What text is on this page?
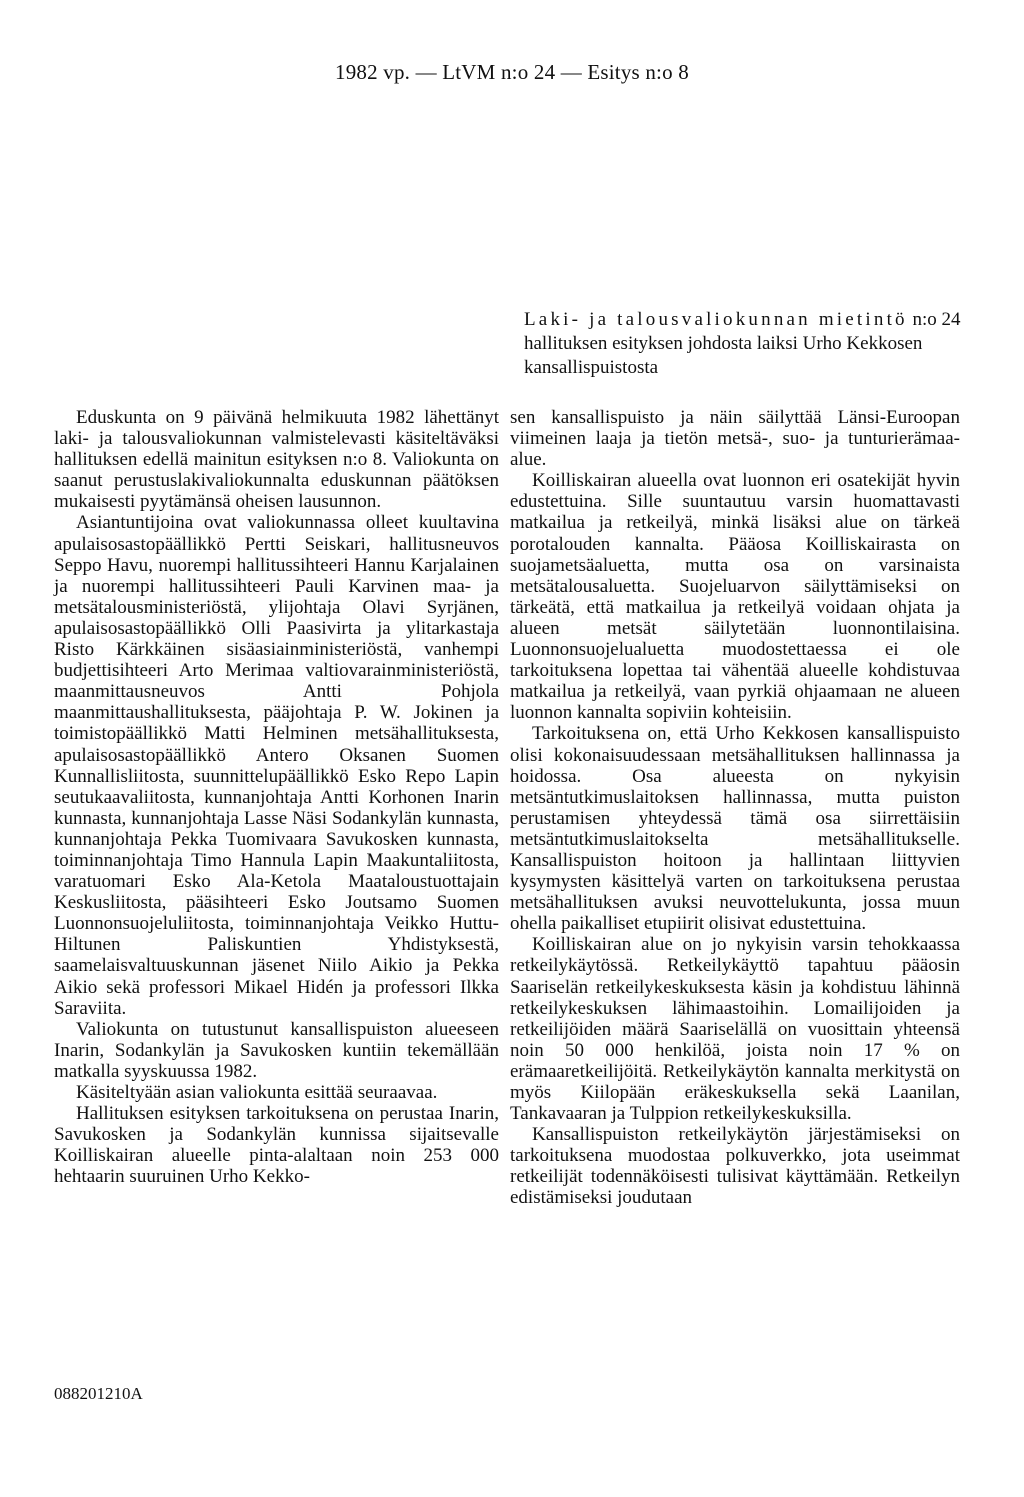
1982 vp. — LtVM n:o 24 — Esitys n:o 8
Laki- ja talousvaliokunnan mietintö n:o 24 hallituksen esityksen johdosta laiksi Urho Kekkosen kansallispuistosta

Eduskunta on 9 päivänä helmikuuta 1982 lähettänyt laki- ja talousvaliokunnan valmistelevasti käsiteltäväksi hallituksen edellä mainitun esityksen n:o 8. Valiokunta on saanut perustuslakivaliokunnalta eduskunnan päätöksen mukaisesti pyytämänsä oheisen lausunnon.

Asiantuntijoina ovat valiokunnassa olleet kuultavina apulaisosastopäällikkö Pertti Seiskari, hallitusneuvos Seppo Havu, nuorempi hallitussihteeri Hannu Karjalainen ja nuorempi hallitussihteeri Pauli Karvinen maa- ja metsätalousministeriöstä, ylijohtaja Olavi Syrjänen, apulaisosastopäällikkö Olli Paasivirta ja ylitarkastaja Risto Kärkkäinen sisäasiainministeriöstä, vanhempi budjettisihteeri Arto Merimaa valtiovarainministeriöstä, maanmittausneuvos Antti Pohjola maanmittaushallituksesta, pääjohtaja P. W. Jokinen ja toimistopäällikkö Matti Helminen metsähallituksesta, apulaisosastopäällikkö Antero Oksanen Suomen Kunnallisliitosta, suunnittelupäällikkö Esko Repo Lapin seutukaavaliitosta, kunnanjohtaja Antti Korhonen Inarin kunnasta, kunnanjohtaja Lasse Näsi Sodankylän kunnasta, kunnanjohtaja Pekka Tuomivaara Savukosken kunnasta, toiminnanjohtaja Timo Hannula Lapin Maakuntaliitosta, varatuomari Esko Ala-Ketola Maataloustuottajain Keskusliitosta, pääsihteeri Esko Joutsamo Suomen Luonnonsuojeluliitosta, toiminnanjohtaja Veikko Huttu-Hiltunen Paliskuntien Yhdistyksestä, saamelaisvaltuuskunnan jäsenet Niilo Aikio ja Pekka Aikio sekä professori Mikael Hidén ja professori Ilkka Saraviita.

Valiokunta on tutustunut kansallispuiston alueeseen Inarin, Sodankylän ja Savukosken kuntiin tekemällään matkalla syyskuussa 1982.

Käsiteltyään asian valiokunta esittää seuraavaa.

Hallituksen esityksen tarkoituksena on perustaa Inarin, Savukosken ja Sodankylän kunnissa sijaitsevalle Koilliskairan alueelle pinta-alaltaan noin 253 000 hehtaarin suuruinen Urho Kekko-

sen kansallispuisto ja näin säilyttää Länsi-Euroopan viimeinen laaja ja tietön metsä-, suo- ja tunturierämaa-alue.

Koilliskairan alueella ovat luonnon eri osatekijät hyvin edustettuina. Sille suuntautuu varsin huomattavasti matkailua ja retkeilyä, minkä lisäksi alue on tärkeä porotalouden kannalta. Pääosa Koilliskairasta on suojametsäaluetta, mutta osa on varsinaista metsätalousaluetta. Suojeluarvon säilyttämiseksi on tärkeätä, että matkailua ja retkeilyä voidaan ohjata ja alueen metsät säilytetään luonnontilaisina. Luonnonsuojelualuetta muodostettaessa ei ole tarkoituksena lopettaa tai vähentää alueelle kohdistuvaa matkailua ja retkeilyä, vaan pyrkiä ohjaamaan ne alueen luonnon kannalta sopiviin kohteisiin.

Tarkoituksena on, että Urho Kekkosen kansallispuisto olisi kokonaisuudessaan metsähallituksen hallinnassa ja hoidossa. Osa alueesta on nykyisin metsäntutkimuslaitoksen hallinnassa, mutta puiston perustamisen yhteydessä tämä osa siirrettäisiin metsäntutkimuslaitokselta metsähallitukselle. Kansallispuiston hoitoon ja hallintaan liittyvien kysymysten käsittelyä varten on tarkoituksena perustaa metsähallituksen avuksi neuvottelukunta, jossa muun ohella paikalliset etupiirit olisivat edustettuina.

Koilliskairan alue on jo nykyisin varsin tehokkaassa retkeilykäytössä. Retkeilykäyttö tapahtuu pääosin Saariselän retkeilykeskuksesta käsin ja kohdistuu lähinnä retkeilykeskuksen lähimaastoihin. Lomailijoiden ja retkeilijöiden määrä Saariselällä on vuosittain yhteensä noin 50 000 henkilöä, joista noin 17 % on erämaaretkeilijöitä. Retkeilykäytön kannalta merkitystä on myös Kiilopään eräkeskuksella sekä Laanilan, Tankavaaran ja Tulppion retkeilykeskuksilla.

Kansallispuiston retkeilykäytön järjestämiseksi on tarkoituksena muodostaa polkuverkko, jota useimmat retkeilijät todennäköisesti tulisivat käyttämään. Retkeilyn edistämiseksi joudutaan

088201210A
